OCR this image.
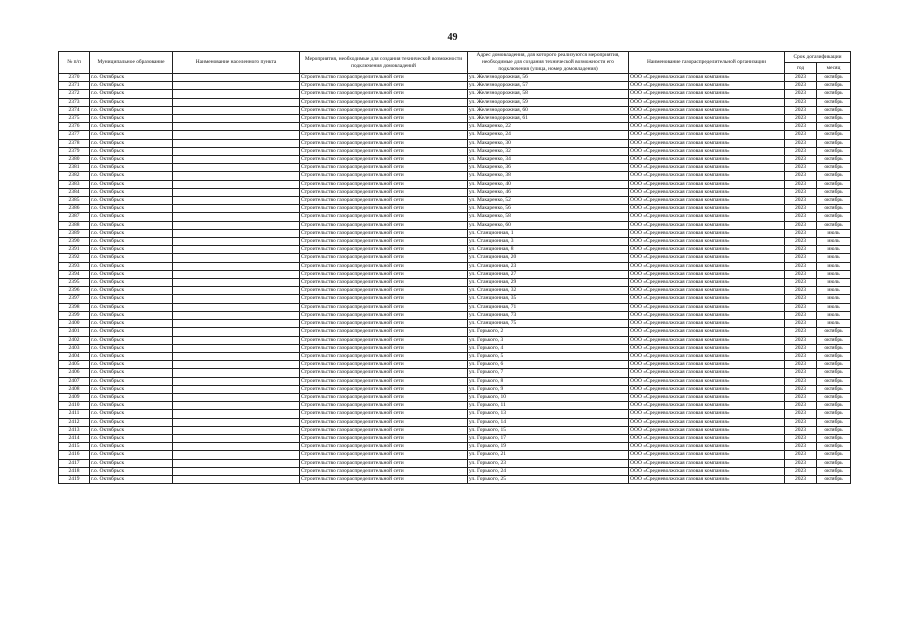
49
№ п/п	Муниципальное образование	Наименование населенного пункта	Мероприятия, необходимые для создания технической возможности подключения домовладений	Адрес домовладения, для которого реализуются мероприятия, необходимые для создания технической возможности его подключения (улица, номер домовладения)	Наименование газораспределительной организации	Срок догазификации	
						год	месяц
2370	г.о. Октябрьск		Строительство газораспределительной сети	ул. Железнодорожная, 56	ООО «Средневолжская газовая компания»	2023	октябрь
2371	г.о. Октябрьск		Строительство газораспределительной сети	ул. Железнодорожная, 57	ООО «Средневолжская газовая компания»	2023	октябрь
2372	г.о. Октябрьск		Строительство газораспределительной сети	ул. Железнодорожная, 58	ООО «Средневолжская газовая компания»	2023	октябрь
2373	г.о. Октябрьск		Строительство газораспределительной сети	ул. Железнодорожная, 59	ООО «Средневолжская газовая компания»	2023	октябрь
2374	г.о. Октябрьск		Строительство газораспределительной сети	ул. Железнодорожная, 60	ООО «Средневолжская газовая компания»	2023	октябрь
2375	г.о. Октябрьск		Строительство газораспределительной сети	ул. Железнодорожная, 61	ООО «Средневолжская газовая компания»	2023	октябрь
2376	г.о. Октябрьск		Строительство газораспределительной сети	ул. Макаренко, 22	ООО «Средневолжская газовая компания»	2023	октябрь
2377	г.о. Октябрьск		Строительство газораспределительной сети	ул. Макаренко, 24	ООО «Средневолжская газовая компания»	2023	октябрь
2378	г.о. Октябрьск		Строительство газораспределительной сети	ул. Макаренко, 30	ООО «Средневолжская газовая компания»	2023	октябрь
2379	г.о. Октябрьск		Строительство газораспределительной сети	ул. Макаренко, 32	ООО «Средневолжская газовая компания»	2023	октябрь
2380	г.о. Октябрьск		Строительство газораспределительной сети	ул. Макаренко, 34	ООО «Средневолжская газовая компания»	2023	октябрь
2381	г.о. Октябрьск		Строительство газораспределительной сети	ул. Макаренко, 36	ООО «Средневолжская газовая компания»	2023	октябрь
2382	г.о. Октябрьск		Строительство газораспределительной сети	ул. Макаренко, 38	ООО «Средневолжская газовая компания»	2023	октябрь
2383	г.о. Октябрьск		Строительство газораспределительной сети	ул. Макаренко, 40	ООО «Средневолжская газовая компания»	2023	октябрь
2384	г.о. Октябрьск		Строительство газораспределительной сети	ул. Макаренко, 46	ООО «Средневолжская газовая компания»	2023	октябрь
2385	г.о. Октябрьск		Строительство газораспределительной сети	ул. Макаренко, 52	ООО «Средневолжская газовая компания»	2023	октябрь
2386	г.о. Октябрьск		Строительство газораспределительной сети	ул. Макаренко, 56	ООО «Средневолжская газовая компания»	2023	октябрь
2387	г.о. Октябрьск		Строительство газораспределительной сети	ул. Макаренко, 58	ООО «Средневолжская газовая компания»	2023	октябрь
2388	г.о. Октябрьск		Строительство газораспределительной сети	ул. Макаренко, 60	ООО «Средневолжская газовая компания»	2023	октябрь
2389	г.о. Октябрьск		Строительство газораспределительной сети	ул. Станционная, 1	ООО «Средневолжская газовая компания»	2023	июль
2390	г.о. Октябрьск		Строительство газораспределительной сети	ул. Станционная, 3	ООО «Средневолжская газовая компания»	2023	июль
2391	г.о. Октябрьск		Строительство газораспределительной сети	ул. Станционная, 8	ООО «Средневолжская газовая компания»	2023	июль
2392	г.о. Октябрьск		Строительство газораспределительной сети	ул. Станционная, 20	ООО «Средневолжская газовая компания»	2023	июль
2393	г.о. Октябрьск		Строительство газораспределительной сети	ул. Станционная, 23	ООО «Средневолжская газовая компания»	2023	июль
2394	г.о. Октябрьск		Строительство газораспределительной сети	ул. Станционная, 27	ООО «Средневолжская газовая компания»	2023	июль
2395	г.о. Октябрьск		Строительство газораспределительной сети	ул. Станционная, 29	ООО «Средневолжская газовая компания»	2023	июль
2396	г.о. Октябрьск		Строительство газораспределительной сети	ул. Станционная, 32	ООО «Средневолжская газовая компания»	2023	июль
2397	г.о. Октябрьск		Строительство газораспределительной сети	ул. Станционная, 35	ООО «Средневолжская газовая компания»	2023	июль
2398	г.о. Октябрьск		Строительство газораспределительной сети	ул. Станционная, 71	ООО «Средневолжская газовая компания»	2023	июль
2399	г.о. Октябрьск		Строительство газораспределительной сети	ул. Станционная, 73	ООО «Средневолжская газовая компания»	2023	июль
2400	г.о. Октябрьск		Строительство газораспределительной сети	ул. Станционная, 75	ООО «Средневолжская газовая компания»	2023	июль
2401	г.о. Октябрьск		Строительство газораспределительной сети	ул. Горького, 2	ООО «Средневолжская газовая компания»	2023	октябрь
2402	г.о. Октябрьск		Строительство газораспределительной сети	ул. Горького, 3	ООО «Средневолжская газовая компания»	2023	октябрь
2403	г.о. Октябрьск		Строительство газораспределительной сети	ул. Горького, 4	ООО «Средневолжская газовая компания»	2023	октябрь
2404	г.о. Октябрьск		Строительство газораспределительной сети	ул. Горького, 5	ООО «Средневолжская газовая компания»	2023	октябрь
2405	г.о. Октябрьск		Строительство газораспределительной сети	ул. Горького, 6	ООО «Средневолжская газовая компания»	2023	октябрь
2406	г.о. Октябрьск		Строительство газораспределительной сети	ул. Горького, 7	ООО «Средневолжская газовая компания»	2023	октябрь
2407	г.о. Октябрьск		Строительство газораспределительной сети	ул. Горького, 8	ООО «Средневолжская газовая компания»	2023	октябрь
2408	г.о. Октябрьск		Строительство газораспределительной сети	ул. Горького, 9	ООО «Средневолжская газовая компания»	2023	октябрь
2409	г.о. Октябрьск		Строительство газораспределительной сети	ул. Горького, 10	ООО «Средневолжская газовая компания»	2023	октябрь
2410	г.о. Октябрьск		Строительство газораспределительной сети	ул. Горького, 11	ООО «Средневолжская газовая компания»	2023	октябрь
2411	г.о. Октябрьск		Строительство газораспределительной сети	ул. Горького, 13	ООО «Средневолжская газовая компания»	2023	октябрь
2412	г.о. Октябрьск		Строительство газораспределительной сети	ул. Горького, 14	ООО «Средневолжская газовая компания»	2023	октябрь
2413	г.о. Октябрьск		Строительство газораспределительной сети	ул. Горького, 15	ООО «Средневолжская газовая компания»	2023	октябрь
2414	г.о. Октябрьск		Строительство газораспределительной сети	ул. Горького, 17	ООО «Средневолжская газовая компания»	2023	октябрь
2415	г.о. Октябрьск		Строительство газораспределительной сети	ул. Горького, 19	ООО «Средневолжская газовая компания»	2023	октябрь
2416	г.о. Октябрьск		Строительство газораспределительной сети	ул. Горького, 21	ООО «Средневолжская газовая компания»	2023	октябрь
2417	г.о. Октябрьск		Строительство газораспределительной сети	ул. Горького, 23	ООО «Средневолжская газовая компания»	2023	октябрь
2418	г.о. Октябрьск		Строительство газораспределительной сети	ул. Горького, 24	ООО «Средневолжская газовая компания»	2023	октябрь
2419	г.о. Октябрьск		Строительство газораспределительной сети	ул. Горького, 25	ООО «Средневолжская газовая компания»	2023	октябрь
